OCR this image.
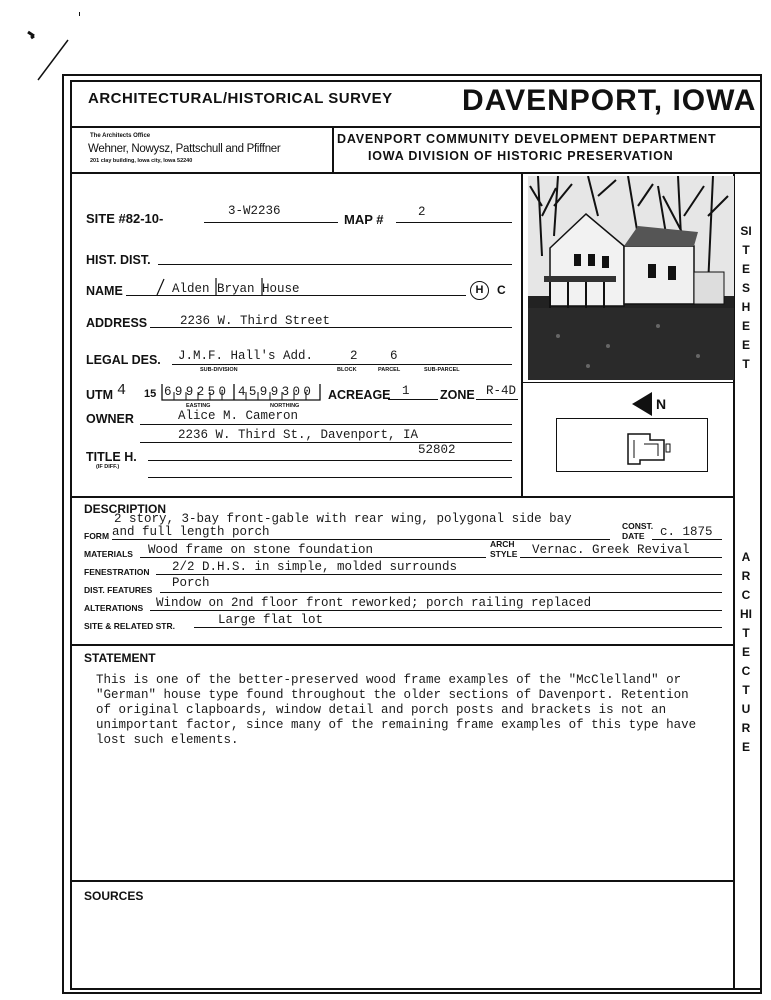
ARCHITECTURAL/HISTORICAL SURVEY DAVENPORT, IOWA
The Architects Office
Wehner, Nowysz, Pattschull and Pfiffner
201 clay building, Iowa city, Iowa 52240
DAVENPORT COMMUNITY DEVELOPMENT DEPARTMENT
IOWA DIVISION OF HISTORIC PRESERVATION
N
SITE SHEET
ARCHITECTURE
SITE #82-10-	3-W2236
MAP #	2
HIST. DIST.
NAME	Alden Bryan House	H	C
ADDRESS	2236 W. Third Street
LEGAL DES. J.M.F. Hall's Add.	2	6
SUB-DIVISION	BLOCK	PARCEL	SUB-PARCEL
UTM 4 15 699250 4599300
EASTING	NORTHING
ACREAGE 1 ZONE R-4D
OWNER	Alice M. Cameron
2236 W. Third St., Davenport, IA
52802
TITLE H.
(IF DIFF.)
DESCRIPTION
2 story, 3-bay front-gable with rear wing, polygonal side bay
FORM and full length porch	CONST.
DATE c. 1875
MATERIALS Wood frame on stone foundation	ARCH
STYLE Vernac. Greek Revival
FENESTRATION 2/2 D.H.S. in simple, molded surrounds
DIST. FEATURES Porch
ALTERATIONS Window on 2nd floor front reworked; porch railing replaced
SITE & RELATED STR.	Large flat lot
STATEMENT
This is one of the better-preserved wood frame examples of the "McClelland" or
"German" house type found throughout the older sections of Davenport. Retention
of original clapboards, window detail and porch posts and brackets is not an
unimportant factor, since many of the remaining frame examples of this type have
lost such elements.
SOURCES
